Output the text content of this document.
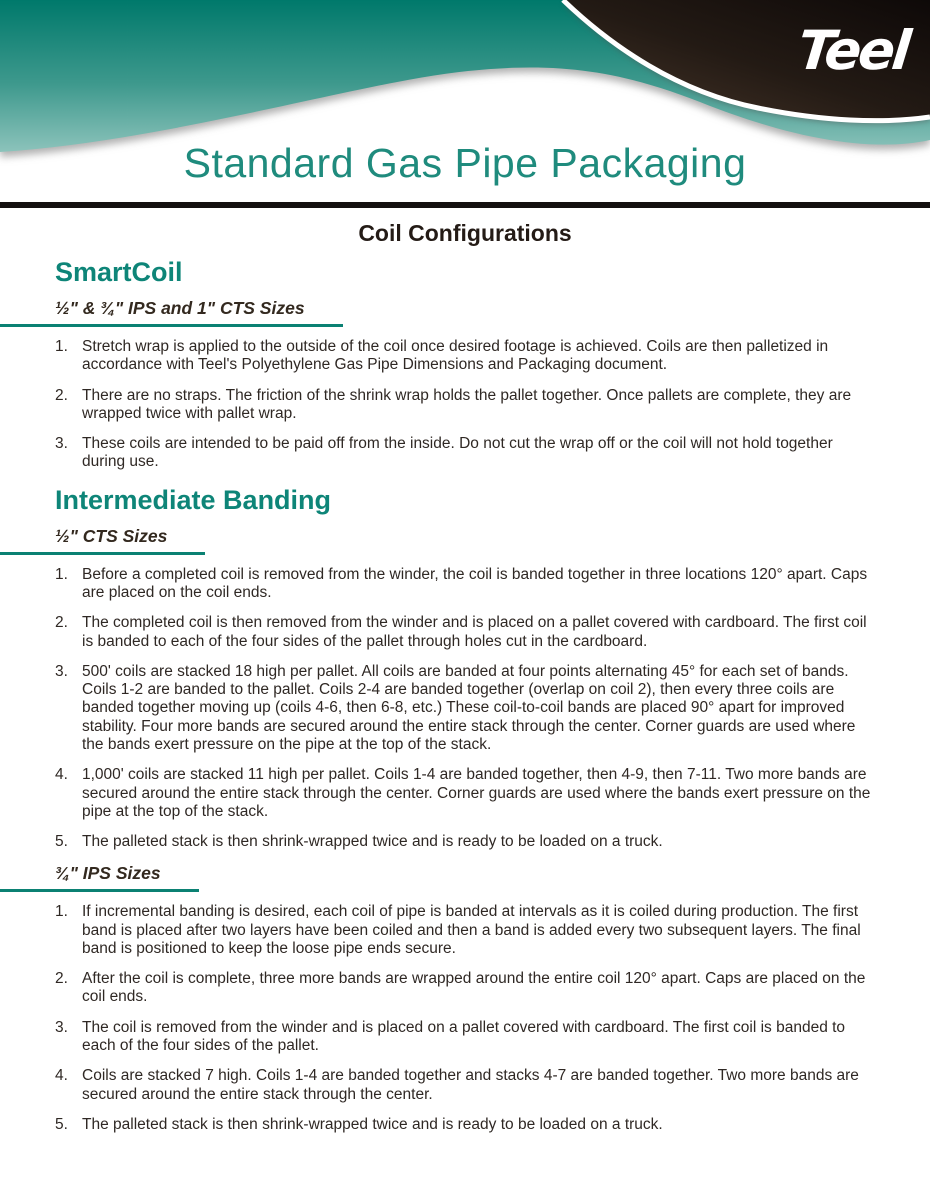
Teel
Standard Gas Pipe Packaging
Coil Configurations
SmartCoil
½" & ¾" IPS and 1" CTS Sizes
1. Stretch wrap is applied to the outside of the coil once desired footage is achieved. Coils are then palletized in accordance with Teel's Polyethylene Gas Pipe Dimensions and Packaging document.
2. There are no straps. The friction of the shrink wrap holds the pallet together. Once pallets are complete, they are wrapped twice with pallet wrap.
3. These coils are intended to be paid off from the inside. Do not cut the wrap off or the coil will not hold together during use.
Intermediate Banding
½" CTS Sizes
1. Before a completed coil is removed from the winder, the coil is banded together in three locations 120° apart. Caps are placed on the coil ends.
2. The completed coil is then removed from the winder and is placed on a pallet covered with cardboard. The first coil is banded to each of the four sides of the pallet through holes cut in the cardboard.
3. 500' coils are stacked 18 high per pallet. All coils are banded at four points alternating 45° for each set of bands. Coils 1-2 are banded to the pallet. Coils 2-4 are banded together (overlap on coil 2), then every three coils are banded together moving up (coils 4-6, then 6-8, etc.) These coil-to-coil bands are placed 90° apart for improved stability. Four more bands are secured around the entire stack through the center. Corner guards are used where the bands exert pressure on the pipe at the top of the stack.
4. 1,000' coils are stacked 11 high per pallet. Coils 1-4 are banded together, then 4-9, then 7-11. Two more bands are secured around the entire stack through the center. Corner guards are used where the bands exert pressure on the pipe at the top of the stack.
5. The palleted stack is then shrink-wrapped twice and is ready to be loaded on a truck.
¾" IPS Sizes
1. If incremental banding is desired, each coil of pipe is banded at intervals as it is coiled during production. The first band is placed after two layers have been coiled and then a band is added every two subsequent layers. The final band is positioned to keep the loose pipe ends secure.
2. After the coil is complete, three more bands are wrapped around the entire coil 120° apart. Caps are placed on the coil ends.
3. The coil is removed from the winder and is placed on a pallet covered with cardboard. The first coil is banded to each of the four sides of the pallet.
4. Coils are stacked 7 high. Coils 1-4 are banded together and stacks 4-7 are banded together. Two more bands are secured around the entire stack through the center.
5. The palleted stack is then shrink-wrapped twice and is ready to be loaded on a truck.
